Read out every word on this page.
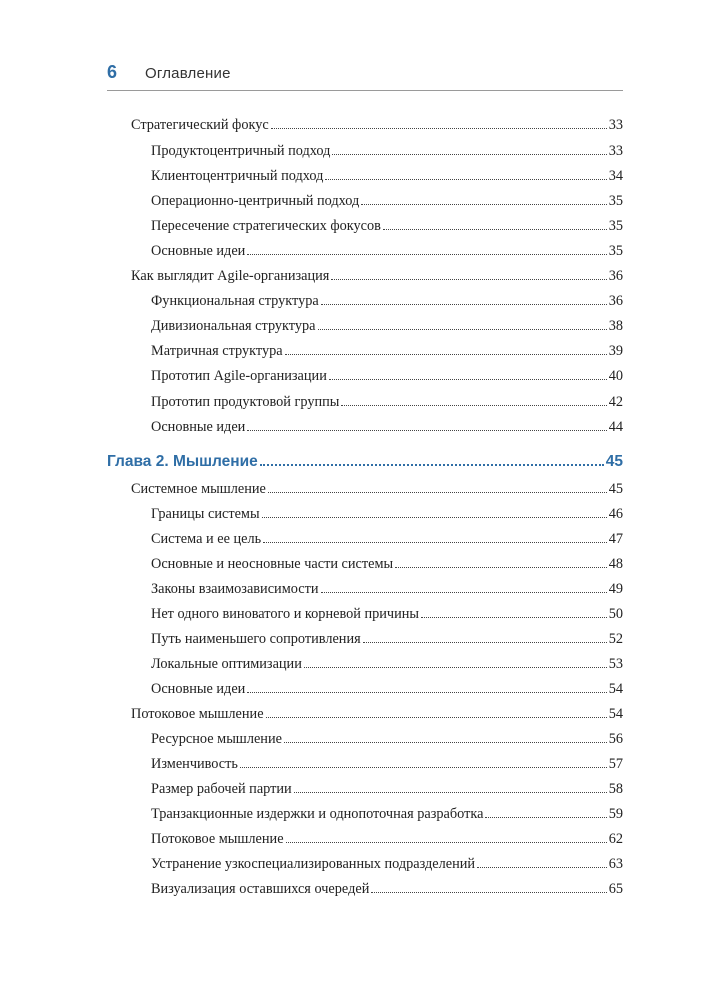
6	Оглавление
Стратегический фокус	33
Продуктоцентричный подход	33
Клиентоцентричный подход	34
Операционно-центричный подход	35
Пересечение стратегических фокусов	35
Основные идеи	35
Как выглядит Agile-организация	36
Функциональная структура	36
Дивизиональная структура	38
Матричная структура	39
Прототип Agile-организации	40
Прототип продуктовой группы	42
Основные идеи	44
Глава 2. Мышление	45
Системное мышление	45
Границы системы	46
Система и ее цель	47
Основные и неосновные части системы	48
Законы взаимозависимости	49
Нет одного виноватого и корневой причины	50
Путь наименьшего сопротивления	52
Локальные оптимизации	53
Основные идеи	54
Потоковое мышление	54
Ресурсное мышление	56
Изменчивость	57
Размер рабочей партии	58
Транзакционные издержки и однопоточная разработка	59
Потоковое мышление	62
Устранение узкоспециализированных подразделений	63
Визуализация оставшихся очередей	65
